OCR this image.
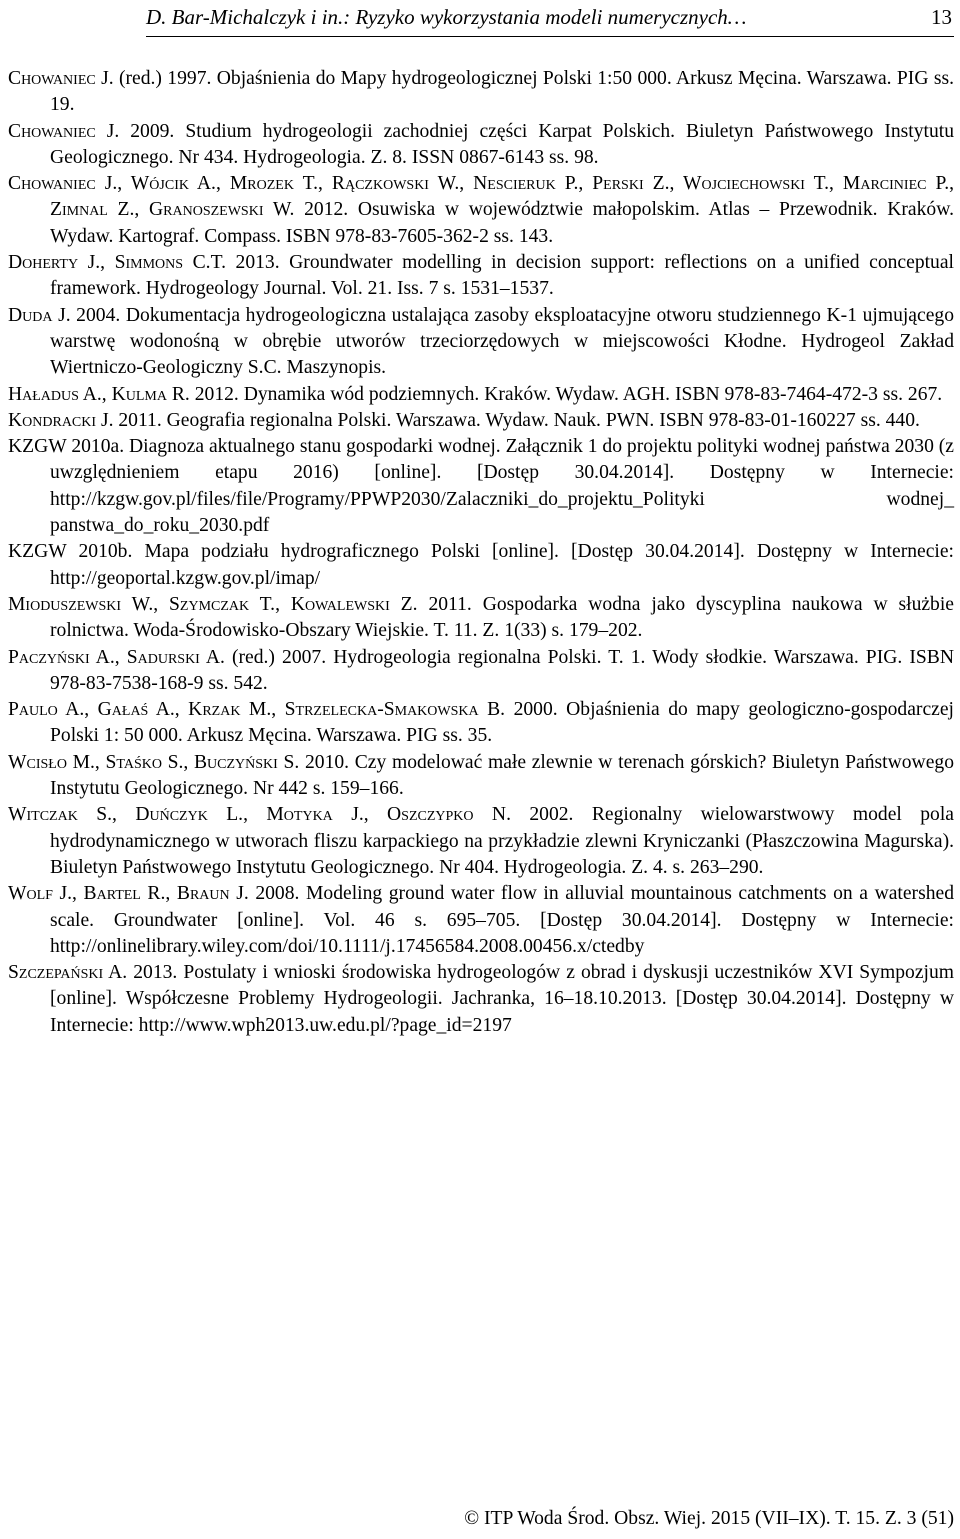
D. Bar-Michalczyk i in.: Ryzyko wykorzystania modeli numerycznych…	13
Chowaniec J. (red.) 1997. Objaśnienia do Mapy hydrogeologicznej Polski 1:50 000. Arkusz Męcina. Warszawa. PIG ss. 19.
Chowaniec J. 2009. Studium hydrogeologii zachodniej części Karpat Polskich. Biuletyn Państwowego Instytutu Geologicznego. Nr 434. Hydrogeologia. Z. 8. ISSN 0867-6143 ss. 98.
Chowaniec J., Wójcik A., Mrozek T., Rączkowski W., Nescieruk P., Perski Z., Wojciechowski T., Marciniec P., Zimnal Z., Granoszewski W. 2012. Osuwiska w województwie małopolskim. Atlas – Przewodnik. Kraków. Wydaw. Kartograf. Compass. ISBN 978-83-7605-362-2 ss. 143.
Doherty J., Simmons C.T. 2013. Groundwater modelling in decision support: reflections on a unified conceptual framework. Hydrogeology Journal. Vol. 21. Iss. 7 s. 1531–1537.
Duda J. 2004. Dokumentacja hydrogeologiczna ustalająca zasoby eksploatacyjne otworu studziennego K-1 ujmującego warstwę wodonośną w obrębie utworów trzeciorzędowych w miejscowości Kłodne. Hydrogeol Zakład Wiertniczo-Geologiczny S.C. Maszynopis.
Haładus A., Kulma R. 2012. Dynamika wód podziemnych. Kraków. Wydaw. AGH. ISBN 978-83-7464-472-3 ss. 267.
Kondracki J. 2011. Geografia regionalna Polski. Warszawa. Wydaw. Nauk. PWN. ISBN 978-83-01-160227 ss. 440.
KZGW 2010a. Diagnoza aktualnego stanu gospodarki wodnej. Załącznik 1 do projektu polityki wodnej państwa 2030 (z uwzględnieniem etapu 2016) [online]. [Dostęp 30.04.2014]. Dostępny w Internecie: http://kzgw.gov.pl/files/file/Programy/PPWP2030/Zalaczniki_do_projektu_Polityki wodnej_ panstwa_do_roku_2030.pdf
KZGW 2010b. Mapa podziału hydrograficznego Polski [online]. [Dostęp 30.04.2014]. Dostępny w Internecie: http://geoportal.kzgw.gov.pl/imap/
Mioduszewski W., Szymczak T., Kowalewski Z. 2011. Gospodarka wodna jako dyscyplina naukowa w służbie rolnictwa. Woda-Środowisko-Obszary Wiejskie. T. 11. Z. 1(33) s. 179–202.
Paczyński A., Sadurski A. (red.) 2007. Hydrogeologia regionalna Polski. T. 1. Wody słodkie. Warszawa. PIG. ISBN 978-83-7538-168-9 ss. 542.
Paulo A., Gałaś A., Krzak M., Strzelecka-Smakowska B. 2000. Objaśnienia do mapy geologiczno-gospodarczej Polski 1: 50 000. Arkusz Męcina. Warszawa. PIG ss. 35.
Wcisło M., Staśko S., Buczyński S. 2010. Czy modelować małe zlewnie w terenach górskich? Biuletyn Państwowego Instytutu Geologicznego. Nr 442 s. 159–166.
Witczak S., Duńczyk L., Motyka J., Oszczypko N. 2002. Regionalny wielowarstwowy model pola hydrodynamicznego w utworach fliszu karpackiego na przykładzie zlewni Kryniczanki (Płaszczowina Magurska). Biuletyn Państwowego Instytutu Geologicznego. Nr 404. Hydrogeologia. Z. 4. s. 263–290.
Wolf J., Bartel R., Braun J. 2008. Modeling ground water flow in alluvial mountainous catchments on a watershed scale. Groundwater [online]. Vol. 46 s. 695–705. [Dostęp 30.04.2014]. Dostępny w Internecie: http://onlinelibrary.wiley.com/doi/10.1111/j.17456584.2008.00456.x/ctedby
Szczepański A. 2013. Postulaty i wnioski środowiska hydrogeologów z obrad i dyskusji uczestników XVI Sympozjum [online]. Współczesne Problemy Hydrogeologii. Jachranka, 16–18.10.2013. [Dostęp 30.04.2014]. Dostępny w Internecie: http://www.wph2013.uw.edu.pl/?page_id=2197
© ITP Woda Środ. Obsz. Wiej. 2015 (VII–IX). T. 15. Z. 3 (51)
